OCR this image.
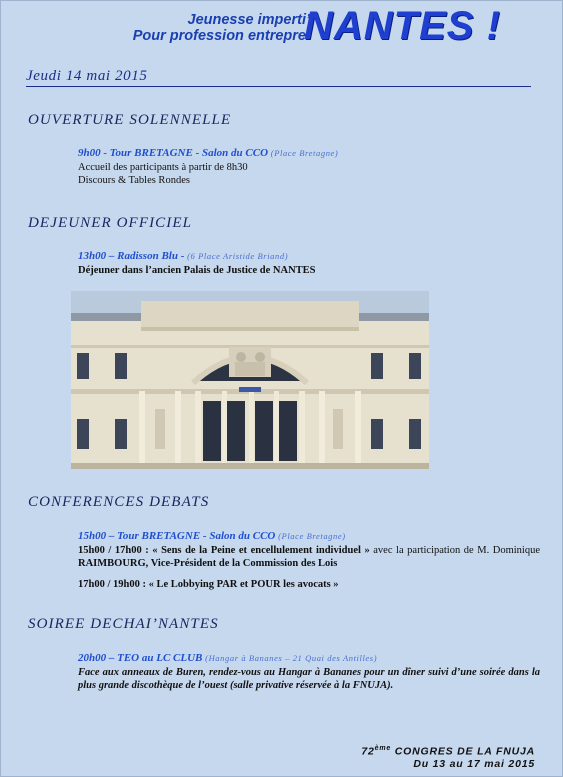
Jeunesse imperti’
Pour profession entrepre’
NANTES !
Jeudi 14 mai 2015
OUVERTURE SOLENNELLE
9h00 - Tour BRETAGNE - Salon du CCO (Place Bretagne)
Accueil des participants à partir de 8h30
Discours & Tables Rondes
DEJEUNER OFFICIEL
13h00 – Radisson Blu - (6 Place Aristide Briand)
Déjeuner dans l’ancien Palais de Justice de NANTES
CONFERENCES DEBATS
15h00 – Tour BRETAGNE - Salon du CCO (Place Bretagne)
15h00 / 17h00 : « Sens de la Peine et encellulement individuel » avec la participation de M. Dominique RAIMBOURG, Vice-Président de la Commission des Lois
17h00 / 19h00 : « Le Lobbying PAR et POUR les avocats »
SOIREE DECHAI’NANTES
20h00 – TEO au LC CLUB (Hangar à Bananes – 21 Quai des Antilles)
Face aux anneaux de Buren, rendez-vous au Hangar à Bananes pour un dîner suivi d’une soirée dans la plus grande discothèque de l’ouest (salle privative réservée à la FNUJA).
72ème CONGRES DE LA FNUJA
Du 13 au 17 mai 2015
